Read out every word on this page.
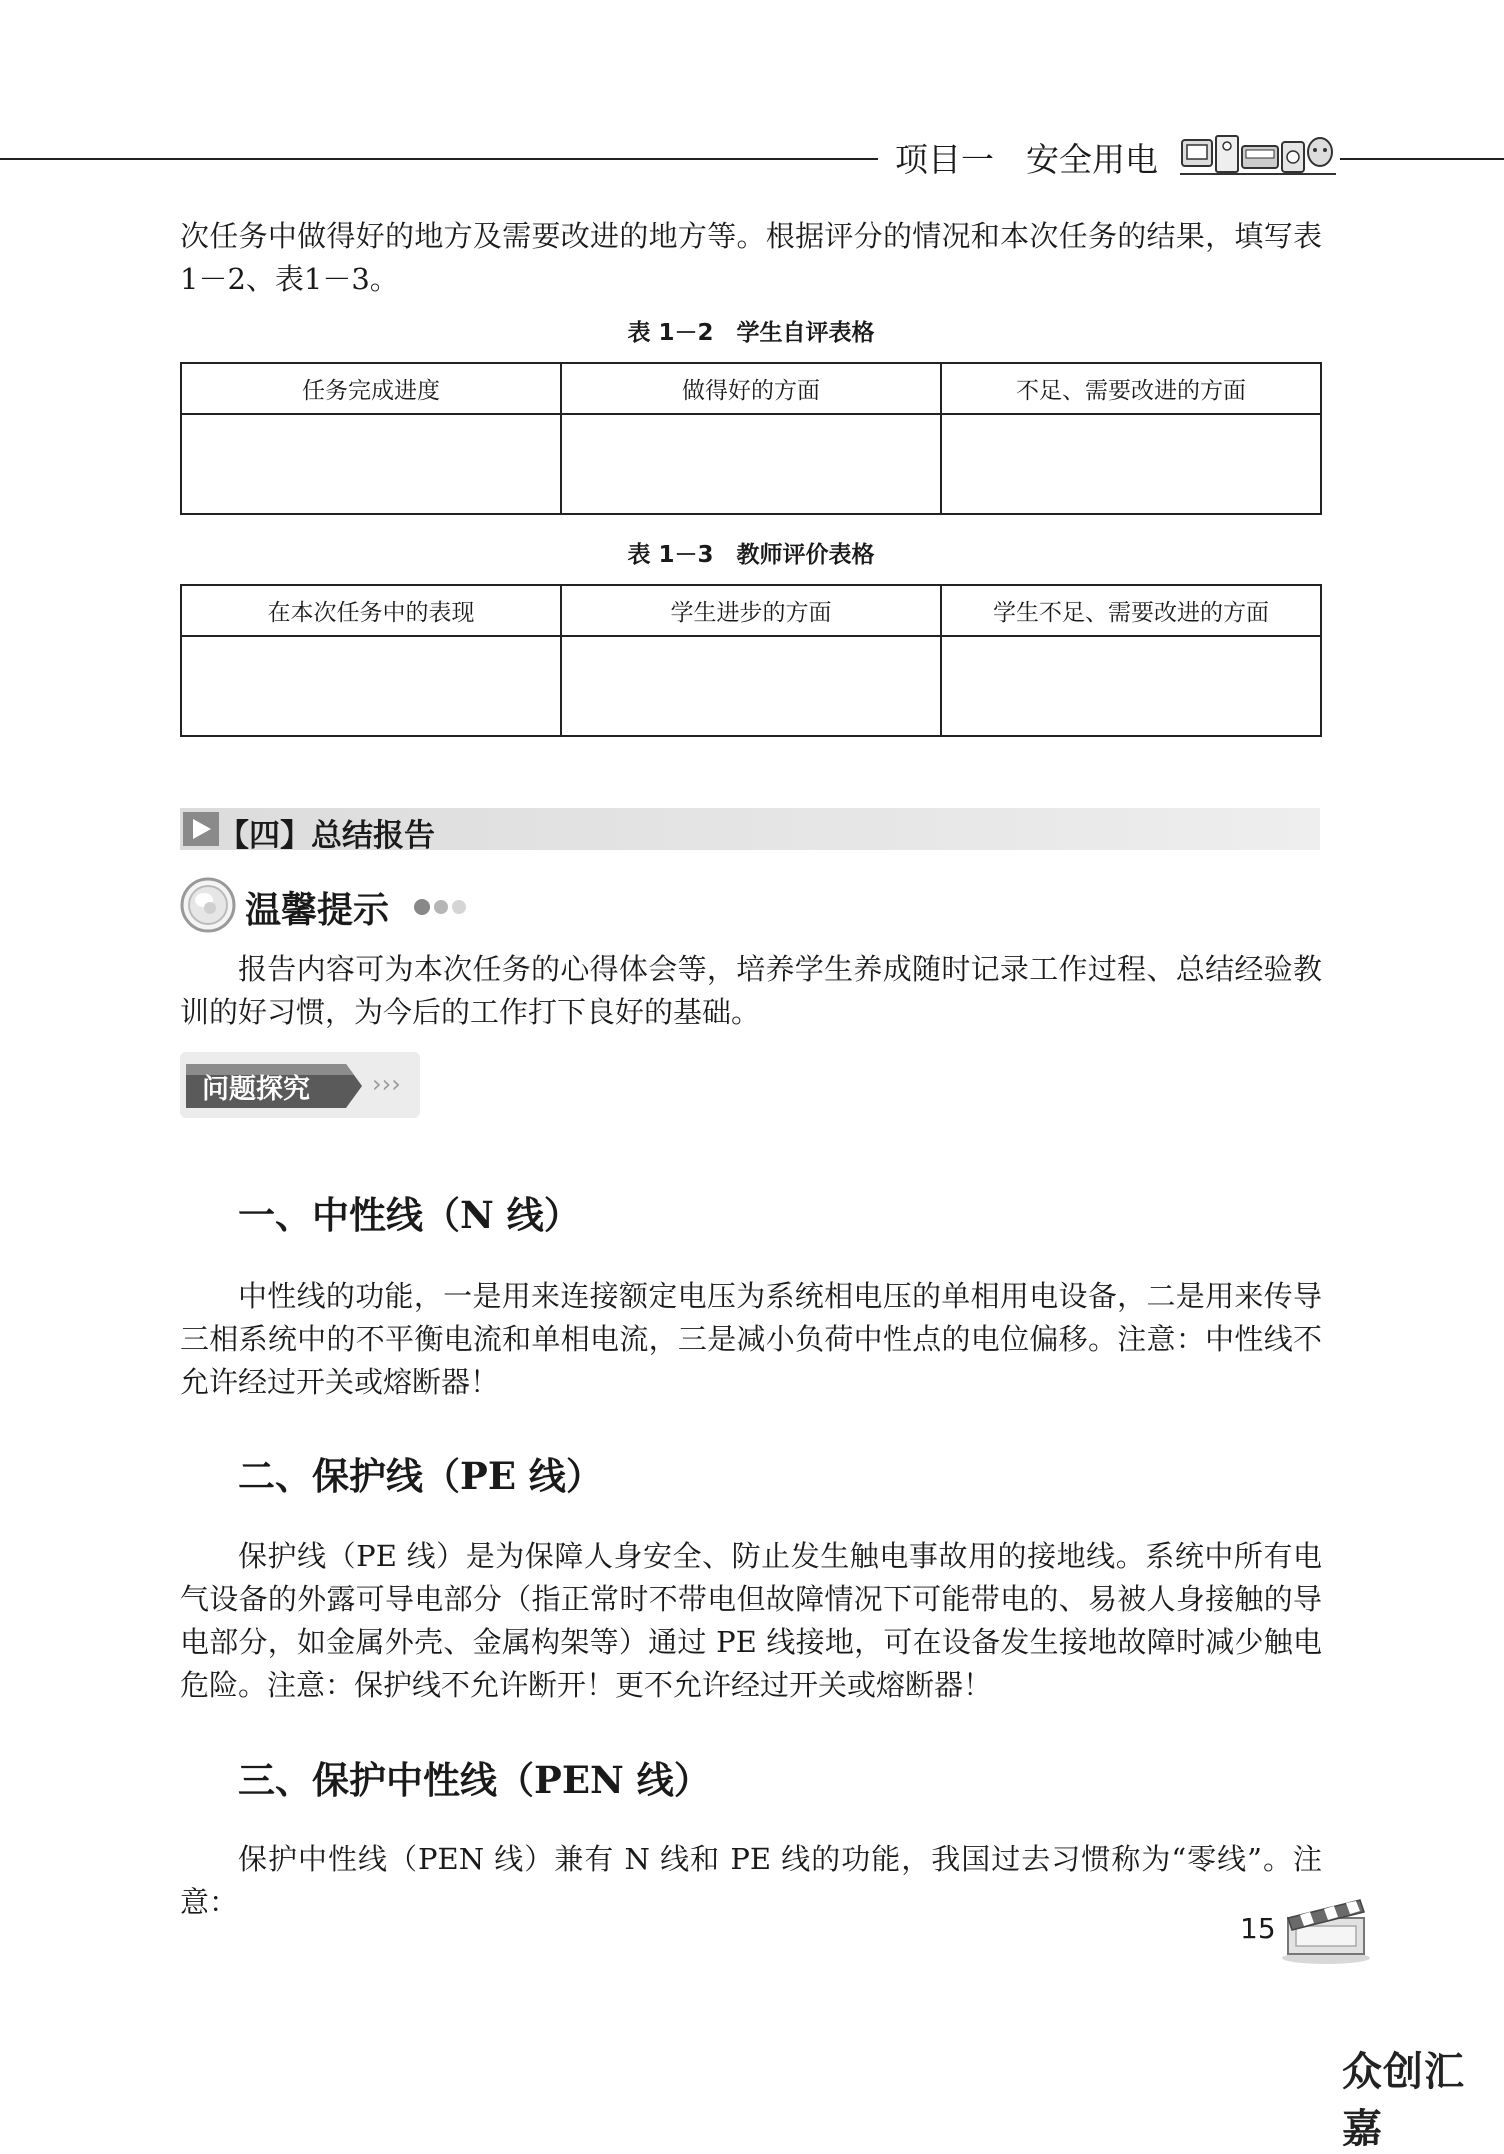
项目一 安全用电
次任务中做得好的地方及需要改进的地方等。根据评分的情况和本次任务的结果，填写表1－2、表1－3。
表 1－2　学生自评表格
任务完成进度	做得好的方面	不足、需要改进的方面

表 1－3　教师评价表格
在本次任务中的表现	学生进步的方面	学生不足、需要改进的方面

【四】总结报告
温馨提示
报告内容可为本次任务的心得体会等，培养学生养成随时记录工作过程、总结经验教训的好习惯，为今后的工作打下良好的基础。
›››
问题探究
一、中性线（N 线）
中性线的功能，一是用来连接额定电压为系统相电压的单相用电设备，二是用来传导三相系统中的不平衡电流和单相电流，三是减小负荷中性点的电位偏移。注意：中性线不允许经过开关或熔断器！
二、保护线（PE 线）
保护线（PE 线）是为保障人身安全、防止发生触电事故用的接地线。系统中所有电气设备的外露可导电部分（指正常时不带电但故障情况下可能带电的、易被人身接触的导电部分，如金属外壳、金属构架等）通过 PE 线接地，可在设备发生接地故障时减少触电危险。注意：保护线不允许断开！更不允许经过开关或熔断器！
三、保护中性线（PEN 线）
保护中性线（PEN 线）兼有 N 线和 PE 线的功能，我国过去习惯称为“零线”。注意：
15
众创汇嘉
